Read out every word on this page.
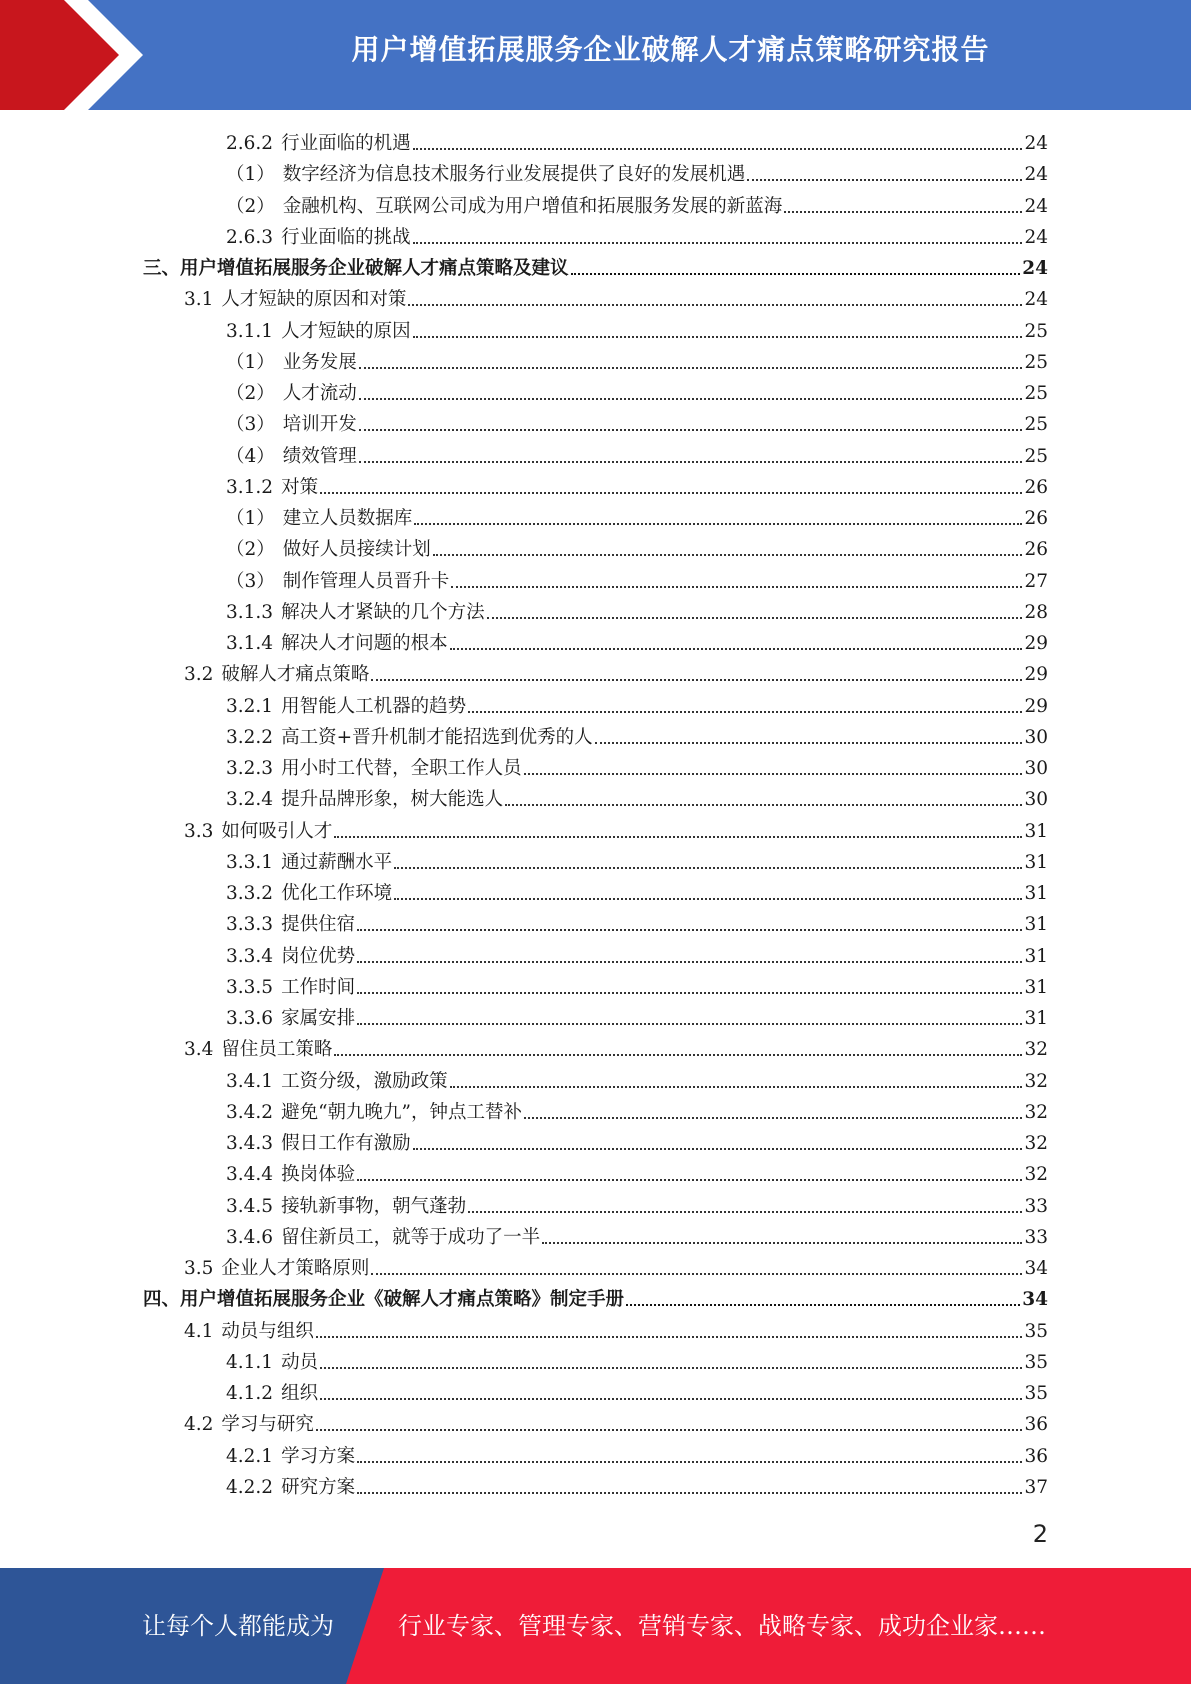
用户增值拓展服务企业破解人才痛点策略研究报告
2.6.2 行业面临的机遇	24
（1） 数字经济为信息技术服务行业发展提供了良好的发展机遇	24
（2） 金融机构、互联网公司成为用户增值和拓展服务发展的新蓝海	24
2.6.3 行业面临的挑战	24
三、用户增值拓展服务企业破解人才痛点策略及建议	24
3.1 人才短缺的原因和对策	24
3.1.1 人才短缺的原因	25
（1） 业务发展	25
（2） 人才流动	25
（3） 培训开发	25
（4） 绩效管理	25
3.1.2 对策	26
（1） 建立人员数据库	26
（2） 做好人员接续计划	26
（3） 制作管理人员晋升卡	27
3.1.3 解决人才紧缺的几个方法	28
3.1.4 解决人才问题的根本	29
3.2 破解人才痛点策略	29
3.2.1 用智能人工机器的趋势	29
3.2.2 高工资+晋升机制才能招选到优秀的人	30
3.2.3 用小时工代替，全职工作人员	30
3.2.4 提升品牌形象，树大能选人	30
3.3 如何吸引人才	31
3.3.1 通过薪酬水平	31
3.3.2 优化工作环境	31
3.3.3 提供住宿	31
3.3.4 岗位优势	31
3.3.5 工作时间	31
3.3.6 家属安排	31
3.4 留住员工策略	32
3.4.1 工资分级，激励政策	32
3.4.2 避免“朝九晚九”，钟点工替补	32
3.4.3 假日工作有激励	32
3.4.4 换岗体验	32
3.4.5 接轨新事物，朝气蓬勃	33
3.4.6 留住新员工，就等于成功了一半	33
3.5 企业人才策略原则	34
四、用户增值拓展服务企业《破解人才痛点策略》制定手册	34
4.1 动员与组织	35
4.1.1 动员	35
4.1.2 组织	35
4.2 学习与研究	36
4.2.1 学习方案	36
4.2.2 研究方案	37
2
让每个人都能成为	行业专家、管理专家、营销专家、战略专家、成功企业家……
